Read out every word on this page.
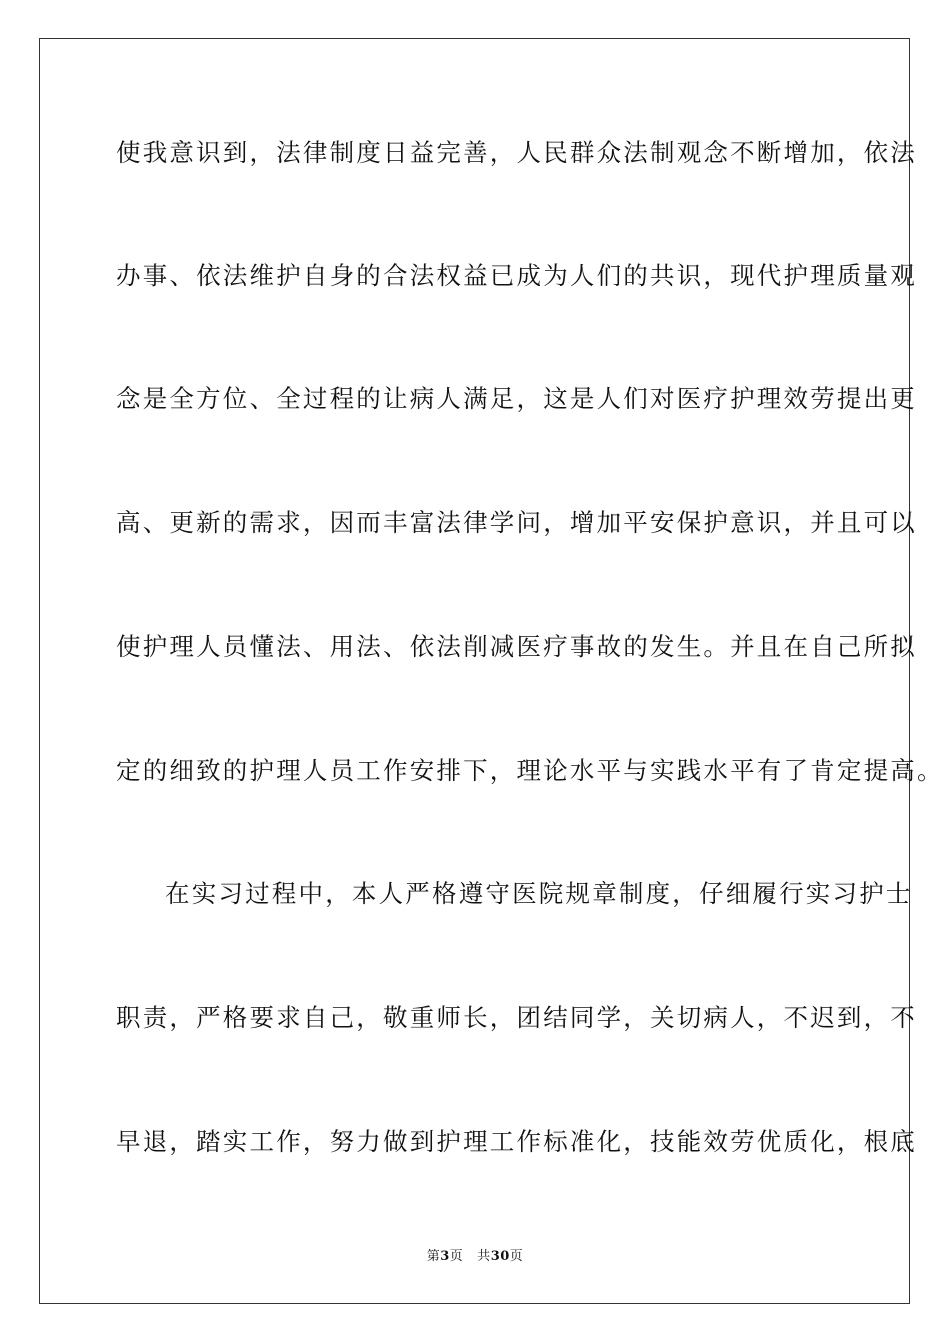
使我意识到，法律制度日益完善，人民群众法制观念不断增加，依法
办事、依法维护自身的合法权益已成为人们的共识，现代护理质量观
念是全方位、全过程的让病人满足，这是人们对医疗护理效劳提出更
高、更新的需求，因而丰富法律学问，增加平安保护意识，并且可以
使护理人员懂法、用法、依法削减医疗事故的发生。并且在自己所拟
定的细致的护理人员工作安排下，理论水平与实践水平有了肯定提高。
在实习过程中，本人严格遵守医院规章制度，仔细履行实习护士
职责，严格要求自己，敬重师长，团结同学，关切病人，不迟到，不
早退，踏实工作，努力做到护理工作标准化，技能效劳优质化，根底
第3页 共30页
